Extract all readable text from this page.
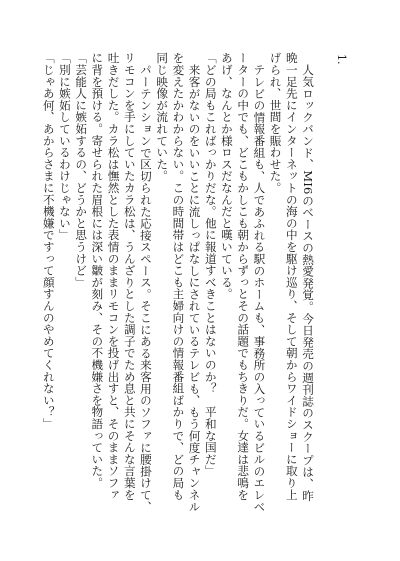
1.

人気ロックバンド、MI6のベースの熱愛発覚。今日発売の週刊誌のスクープは、昨晩一足先にインターネットの海の中を駆け巡り、そして朝からワイドショーに取り上げられ、世間を賑わせた。

テレビの情報番組も、人であふれる駅のホームも、事務所の入っているビルのエレベーターの中でも、どこもかしこも朝からずっとその話題でもちきりだ。女達は悲鳴をあげ、なんとか様ロスだなんだと嘆いている。

「どの局もこればっかりだな。他に報道すべきことはないのか？　平和な国だ」

来客がないのをいいことに流しっぱなしにされているテレビも、もう何度チャンネルを変えたかわからない。この時間帯はどこも主婦向けの情報番組ばかりで、どの局も同じ映像が流れていた。

パーテンションで区切られた応接スペース。そこにある来客用のソファに腰掛けて、リモコンを手にしていたカラ松は、うんざりとした調子でため息と共にそんな言葉を吐きだした。カラ松は憮然とした表情のままリモコンを投げ出すと、そのままソファに背を預ける。寄せられた眉根には深い皺が刻み、その不機嫌さを物語っていた。

「芸能人に嫉妬するの、どうかと思うけど」

「別に嫉妬しているわけじゃない」

「じゃあ何、あからさまに不機嫌ですって顔すんのやめてくれない？」
